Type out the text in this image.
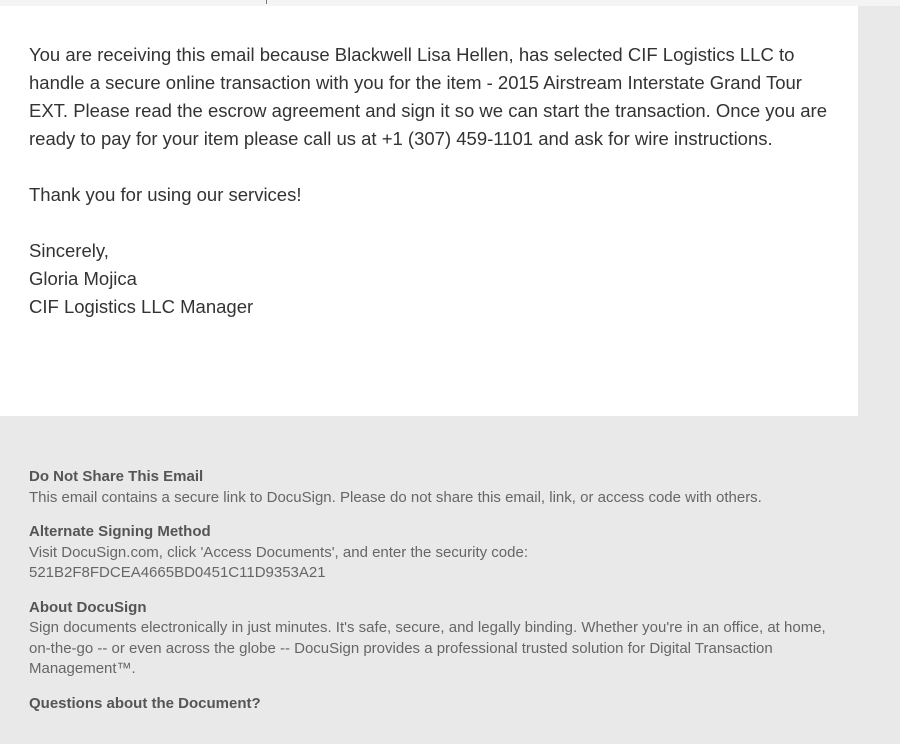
You are receiving this email because Blackwell Lisa Hellen, has selected CIF Logistics LLC to handle a secure online transaction with you for the item - 2015 Airstream Interstate Grand Tour EXT. Please read the escrow agreement and sign it so we can start the transaction. Once you are ready to pay for your item please call us at +1 (307) 459-1101 and ask for wire instructions.

Thank you for using our services!

Sincerely,

Gloria Mojica

CIF Logistics LLC Manager

Do Not Share This Email

This email contains a secure link to DocuSign. Please do not share this email, link, or access code with others.

Alternate Signing Method

Visit DocuSign.com, click 'Access Documents', and enter the security code:

521B2F8FDCEA4665BD0451C11D9353A21

About DocuSign

Sign documents electronically in just minutes. It's safe, secure, and legally binding. Whether you're in an office, at home, on-the-go -- or even across the globe -- DocuSign provides a professional trusted solution for Digital Transaction Management™.

Questions about the Document?
